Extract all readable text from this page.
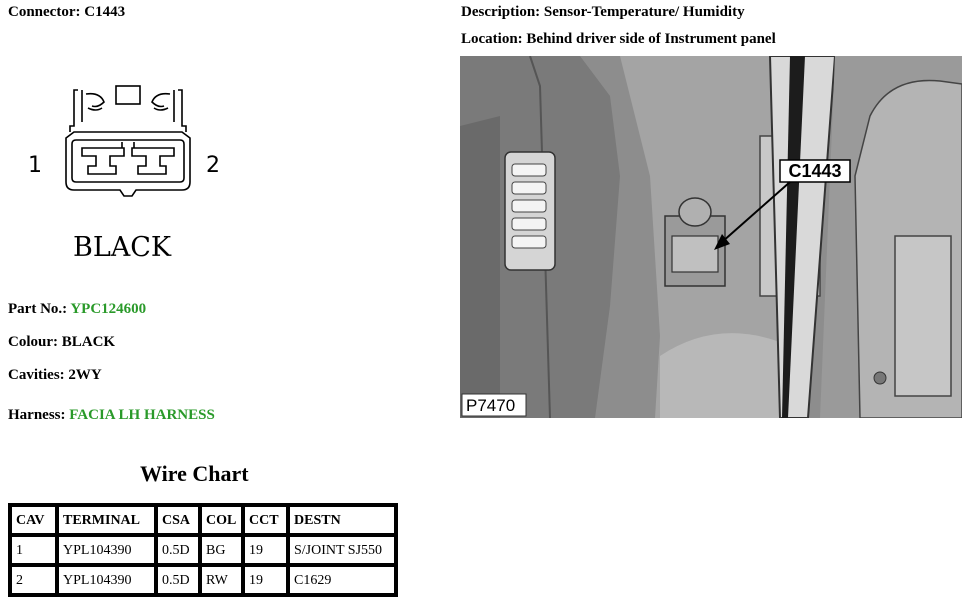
Connector: C1443	Description: Sensor-Temperature/ Humidity
Location: Behind driver side of Instrument panel
1	2
BLACK
Part No.: YPC124600
Colour: BLACK
Cavities: 2WY
Harness: FACIA LH HARNESS
Wire Chart
CAV	TERMINAL	CSA	COL	CCT	DESTN
1	YPL104390	0.5D	BG	19	S/JOINT SJ550
2	YPL104390	0.5D	RW	19	C1629
C1443
P7470
